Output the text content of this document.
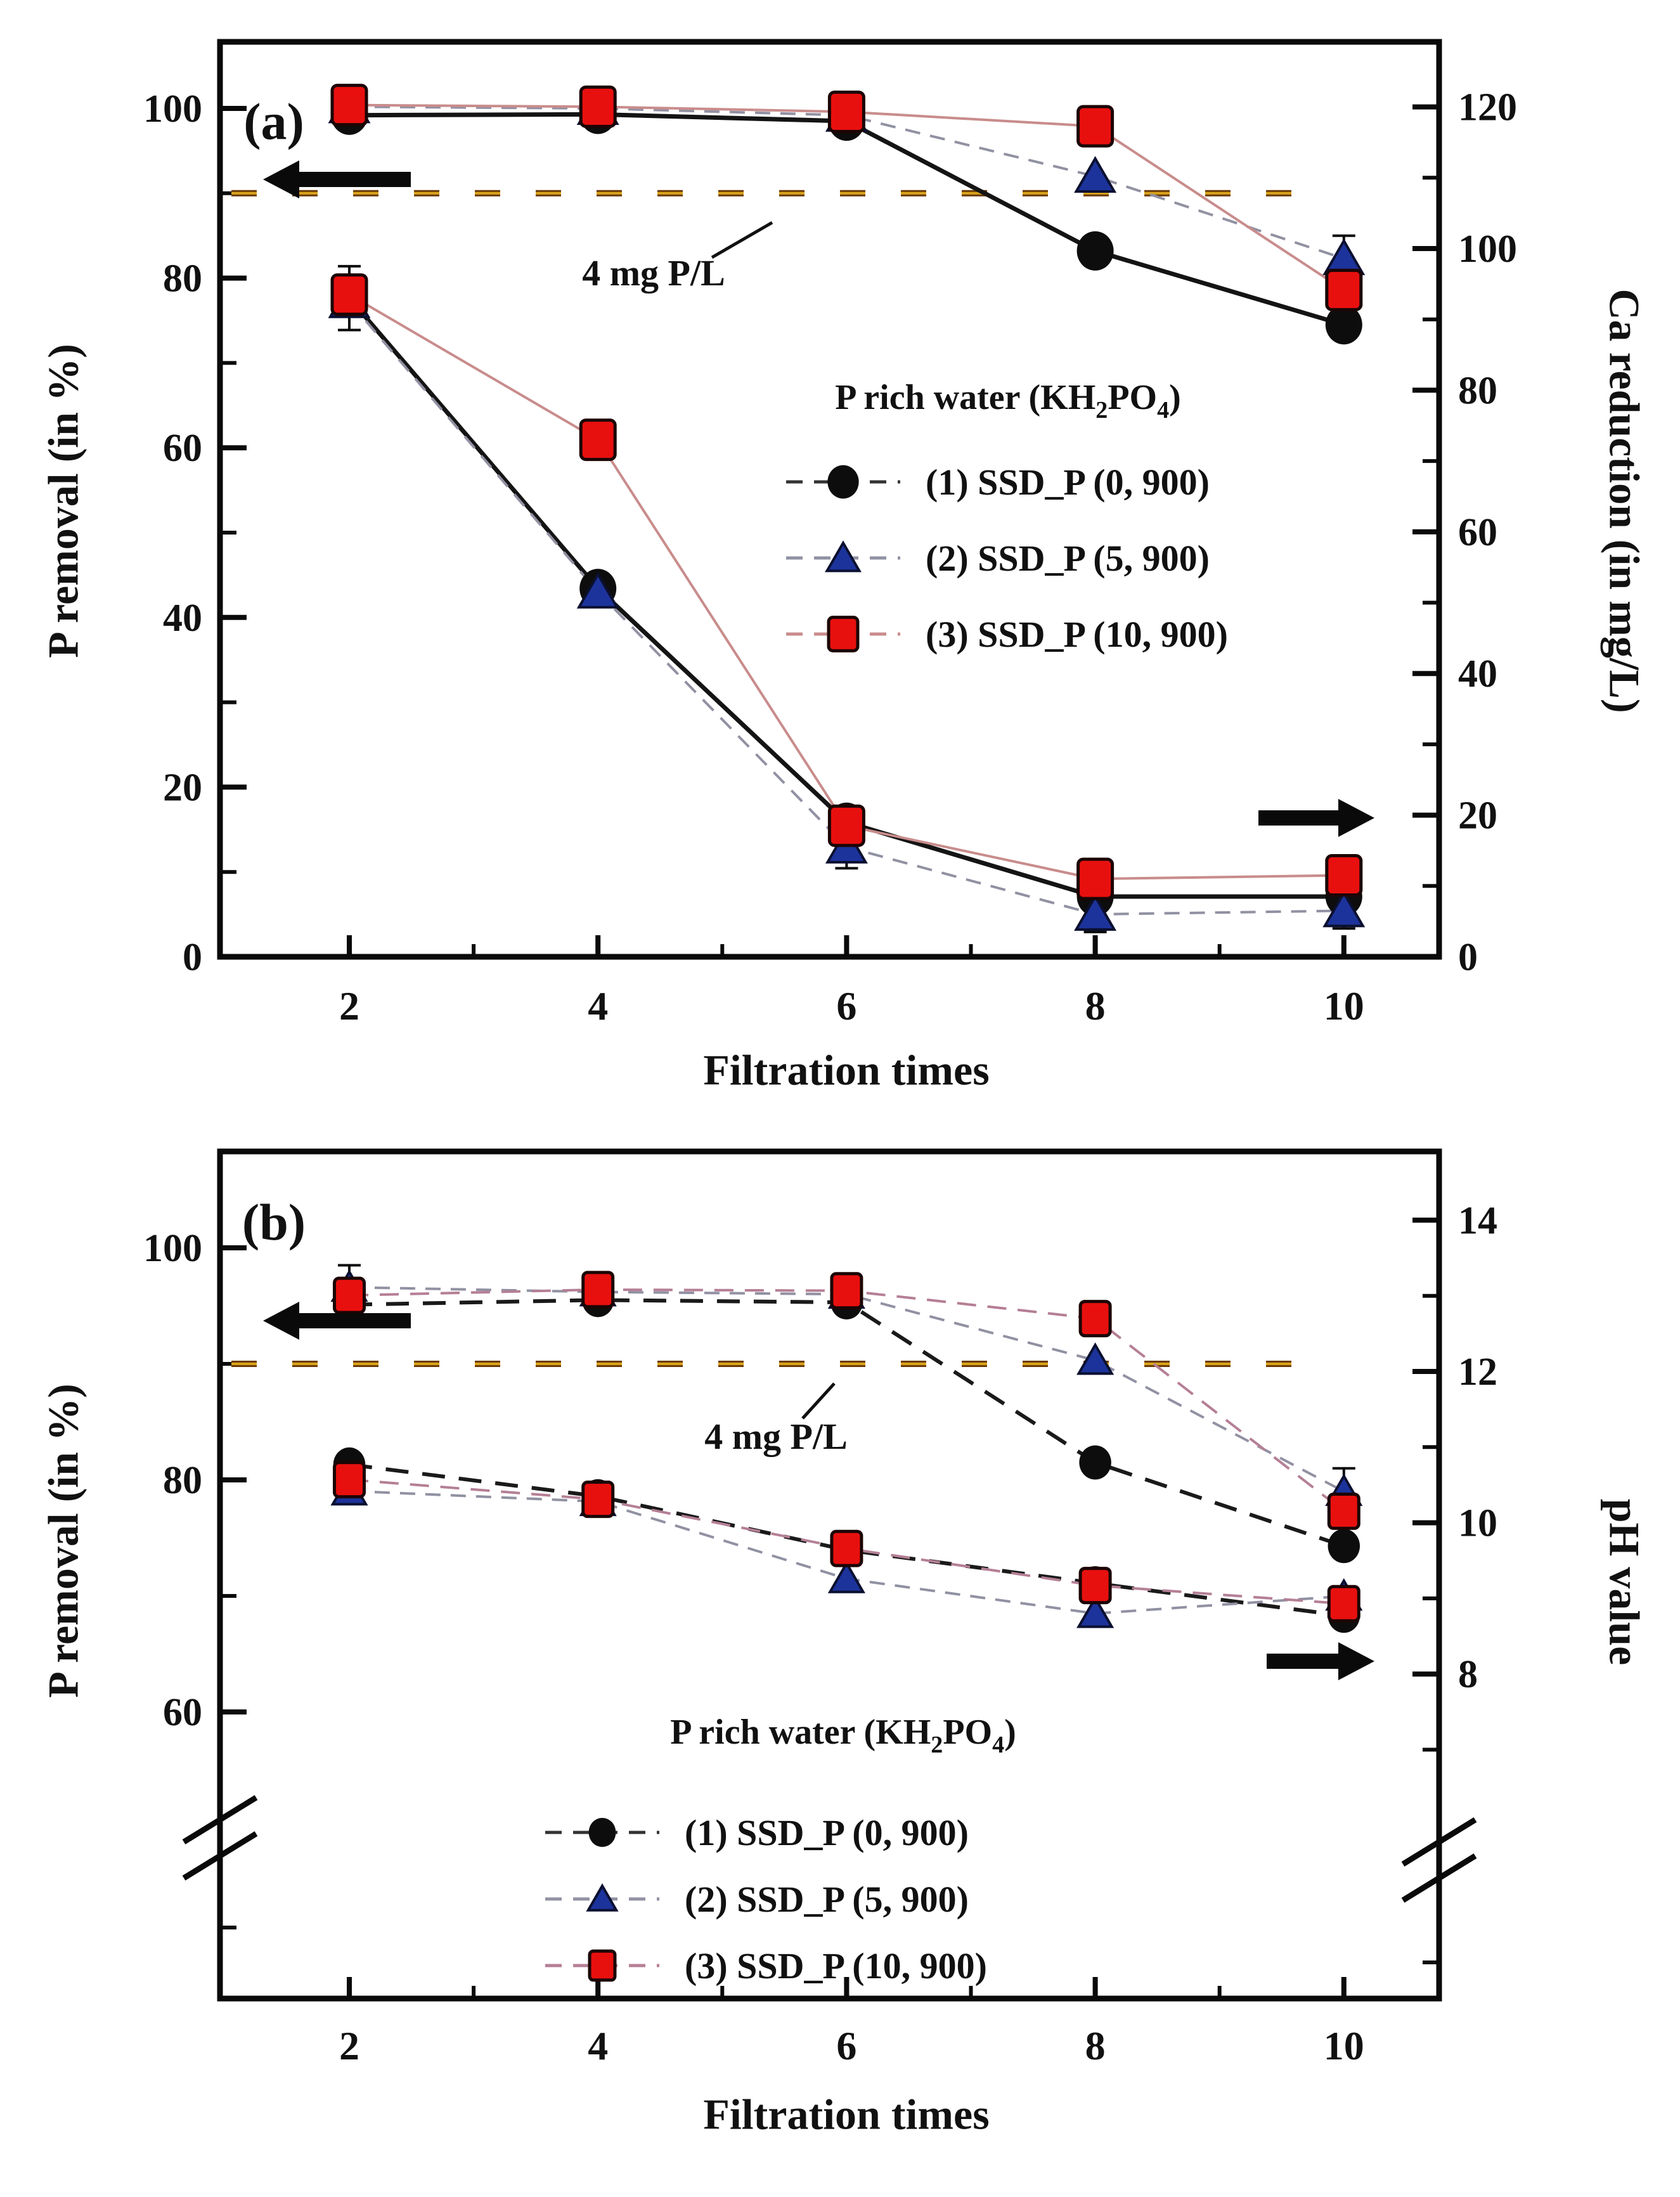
0
20
40
60
80
100
0
20
40
60
80
100
120
2	4	6	8	10
4 mg P/L
P rich water $(KH_2PO_4)$
(1) SSD_P (0, 900)
(2) SSD_P (5, 900)
(3) SSD_P (10, 900)
(a)
P removal (in %)	Ca reduction (in mg/L)
Filtration times
60
80
100
8
10
12
14
2	4	6	8	10
4 mg P/L
P rich water $(KH_2PO_4)$
(1) SSD_P (0, 900)
(2) SSD_P (5, 900)
(3) SSD_P (10, 900)
(b)
P removal (in %)	pH value
Filtration times
